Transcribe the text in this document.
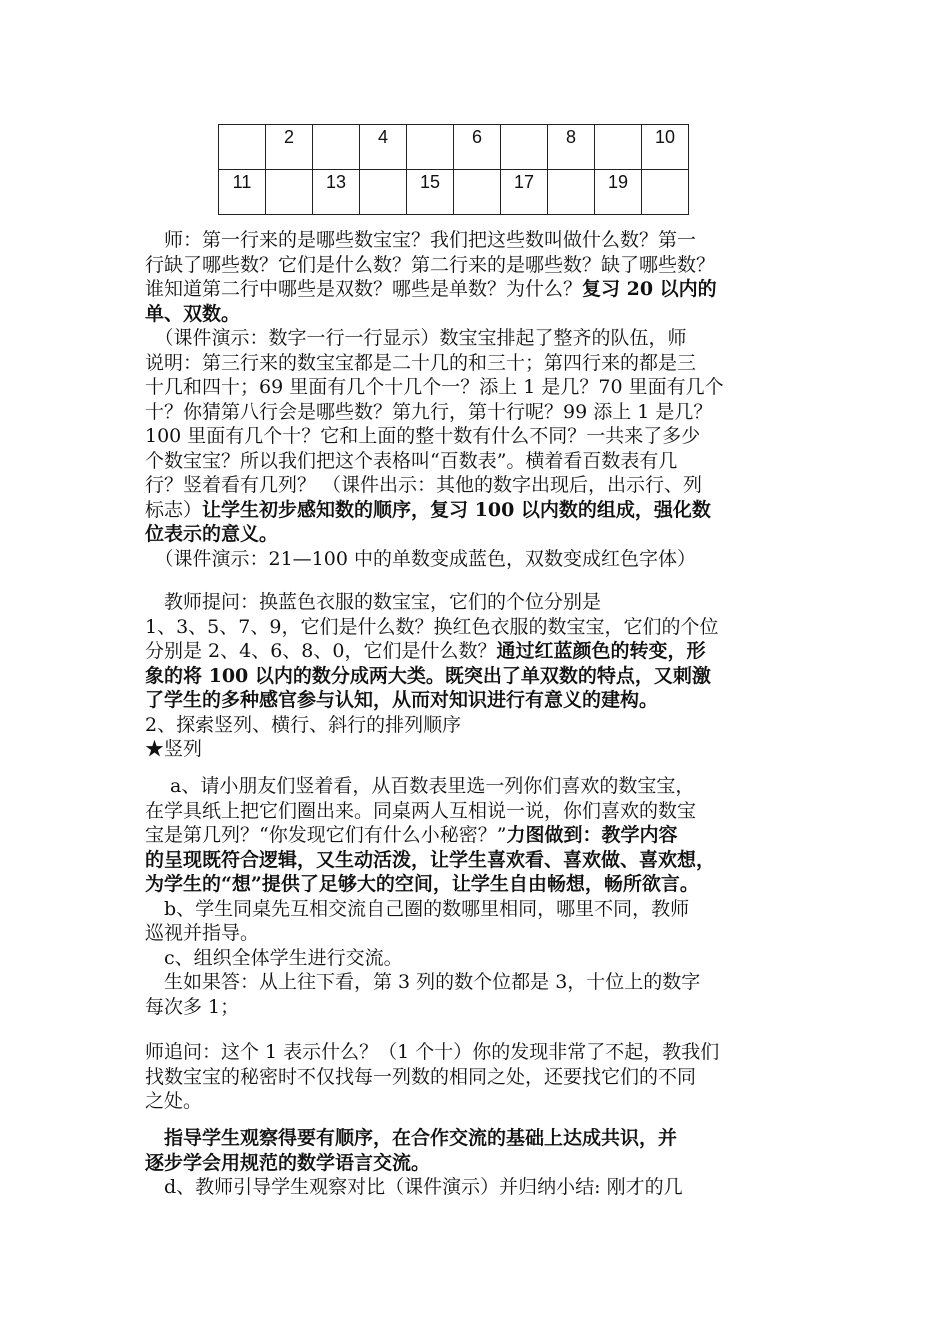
	2		4		6		8		10

11		13		15		17		19	

　师：第一行来的是哪些数宝宝？我们把这些数叫做什么数？第一
行缺了哪些数？它们是什么数？第二行来的是哪些数？缺了哪些数？
谁知道第二行中哪些是双数？哪些是单数？为什么？复习 20 以内的
单、双数。
　（课件演示：数字一行一行显示）数宝宝排起了整齐的队伍，师
说明：第三行来的数宝宝都是二十几的和三十；第四行来的都是三
十几和四十；69 里面有几个十几个一？添上 1 是几？70 里面有几个
十？你猜第八行会是哪些数？第九行，第十行呢？99 添上 1 是几？
100 里面有几个十？它和上面的整十数有什么不同？一共来了多少
个数宝宝？所以我们把这个表格叫“百数表”。横着看百数表有几
行？竖着看有几列？ （课件出示：其他的数字出现后，出示行、列
标志）让学生初步感知数的顺序，复习 100 以内数的组成，强化数
位表示的意义。
　（课件演示：21—100 中的单数变成蓝色，双数变成红色字体）
　教师提问：换蓝色衣服的数宝宝，它们的个位分别是
1、3、5、7、9，它们是什么数？换红色衣服的数宝宝，它们的个位
分别是 2、4、6、8、0，它们是什么数？通过红蓝颜色的转变，形
象的将 100 以内的数分成两大类。既突出了单双数的特点，又刺激
了学生的多种感官参与认知，从而对知识进行有意义的建构。
2、探索竖列、横行、斜行的排列顺序
★竖列
　 a、请小朋友们竖着看，从百数表里选一列你们喜欢的数宝宝，
在学具纸上把它们圈出来。同桌两人互相说一说，你们喜欢的数宝
宝是第几列？“你发现它们有什么小秘密？”力图做到：教学内容
的呈现既符合逻辑，又生动活泼，让学生喜欢看、喜欢做、喜欢想，
为学生的“想”提供了足够大的空间，让学生自由畅想，畅所欲言。
　b、学生同桌先互相交流自己圈的数哪里相同，哪里不同，教师
巡视并指导。
　c、组织全体学生进行交流。
　生如果答：从上往下看，第 3 列的数个位都是 3，十位上的数字
每次多 1；
师追问：这个 1 表示什么？（1 个十）你的发现非常了不起，教我们
找数宝宝的秘密时不仅找每一列数的相同之处，还要找它们的不同
之处。
　指导学生观察得要有顺序，在合作交流的基础上达成共识，并
逐步学会用规范的数学语言交流。
　d、教师引导学生观察对比（课件演示）并归纳小结: 刚才的几
